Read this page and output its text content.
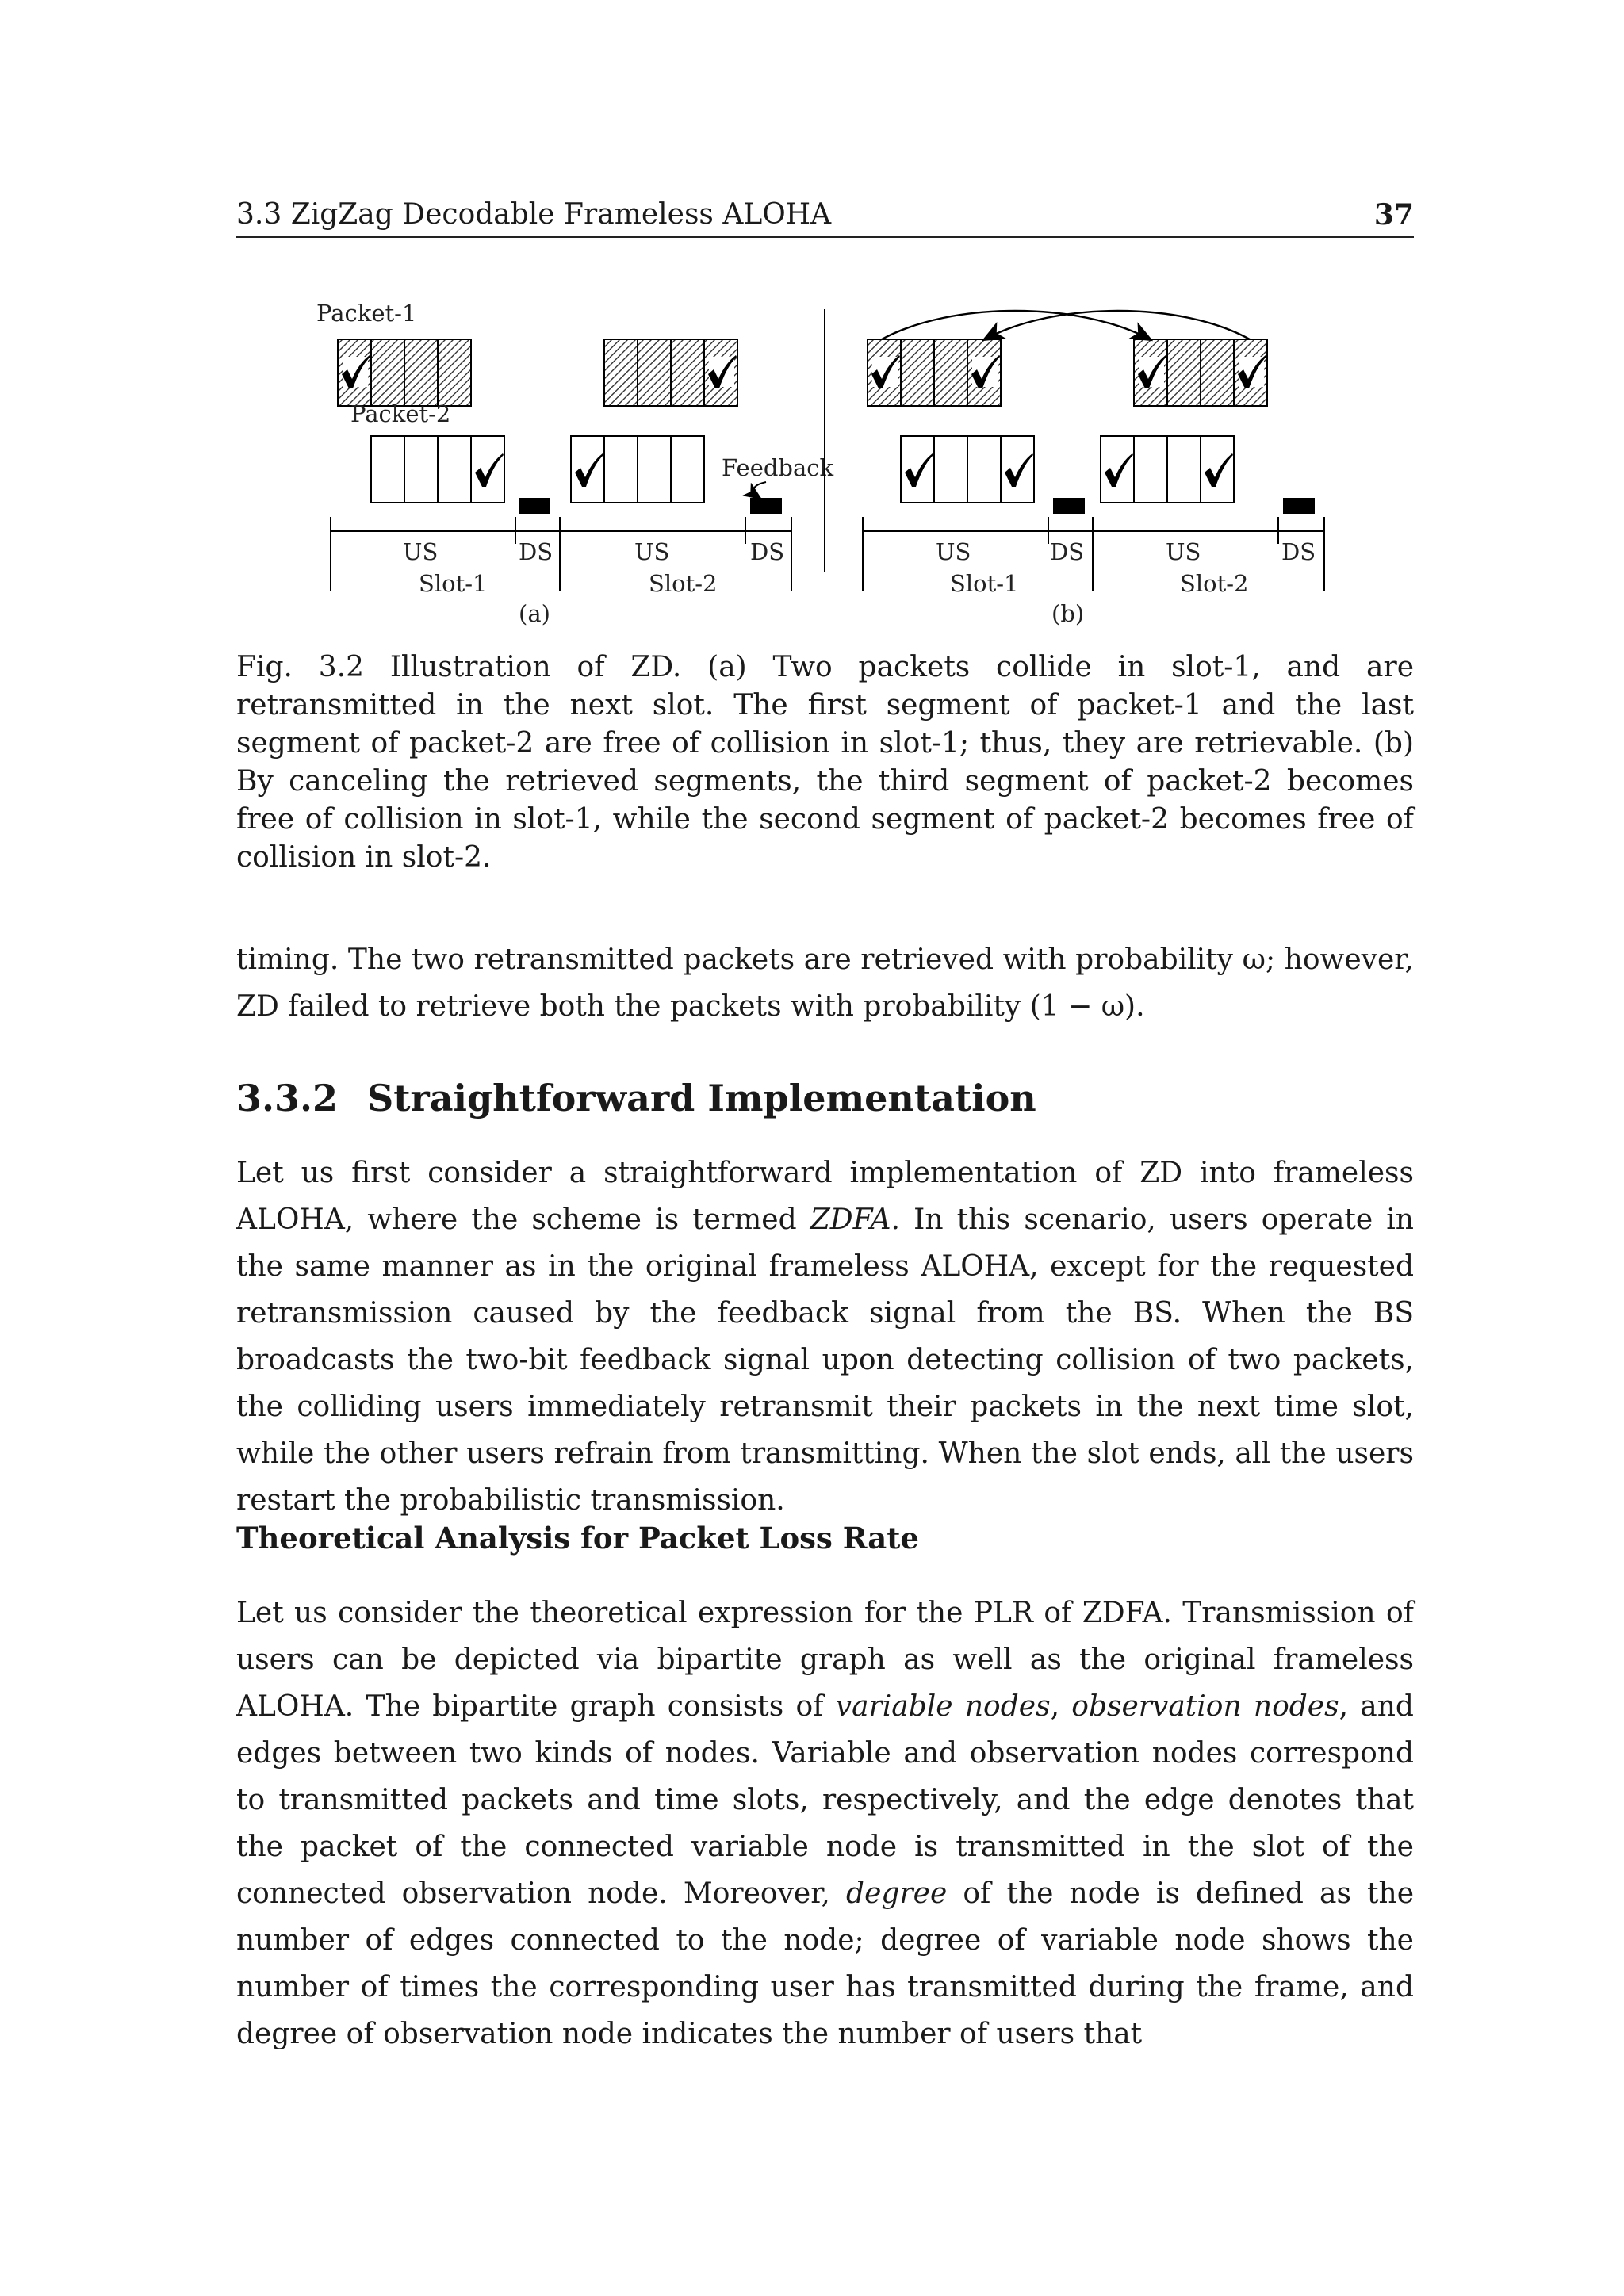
3.3 ZigZag Decodable Frameless ALOHA	37
Packet-1
Packet-2
Feedback
US	DS	US	DS
Slot-1	Slot-2
(a)
US	DS	US	DS
Slot-1	Slot-2
(b)
Fig. 3.2 Illustration of ZD. (a) Two packets collide in slot-1, and are retransmitted in the next slot. The first segment of packet-1 and the last segment of packet-2 are free of collision in slot-1; thus, they are retrievable. (b) By canceling the retrieved segments, the third segment of packet-2 becomes free of collision in slot-1, while the second segment of packet-2 becomes free of collision in slot-2.
timing. The two retransmitted packets are retrieved with probability ω; however, ZD failed to retrieve both the packets with probability (1 − ω).
3.3.2 Straightforward Implementation
Let us first consider a straightforward implementation of ZD into frameless ALOHA, where the scheme is termed ZDFA. In this scenario, users operate in the same manner as in the original frameless ALOHA, except for the requested retransmission caused by the feedback signal from the BS. When the BS broadcasts the two-bit feedback signal upon detecting collision of two packets, the colliding users immediately retransmit their packets in the next time slot, while the other users refrain from transmitting. When the slot ends, all the users restart the probabilistic transmission.
Theoretical Analysis for Packet Loss Rate
Let us consider the theoretical expression for the PLR of ZDFA. Transmission of users can be depicted via bipartite graph as well as the original frameless ALOHA. The bipartite graph consists of variable nodes, observation nodes, and edges between two kinds of nodes. Variable and observation nodes correspond to transmitted packets and time slots, respectively, and the edge denotes that the packet of the connected variable node is transmitted in the slot of the connected observation node. Moreover, degree of the node is defined as the number of edges connected to the node; degree of variable node shows the number of times the corresponding user has transmitted during the frame, and degree of observation node indicates the number of users that
